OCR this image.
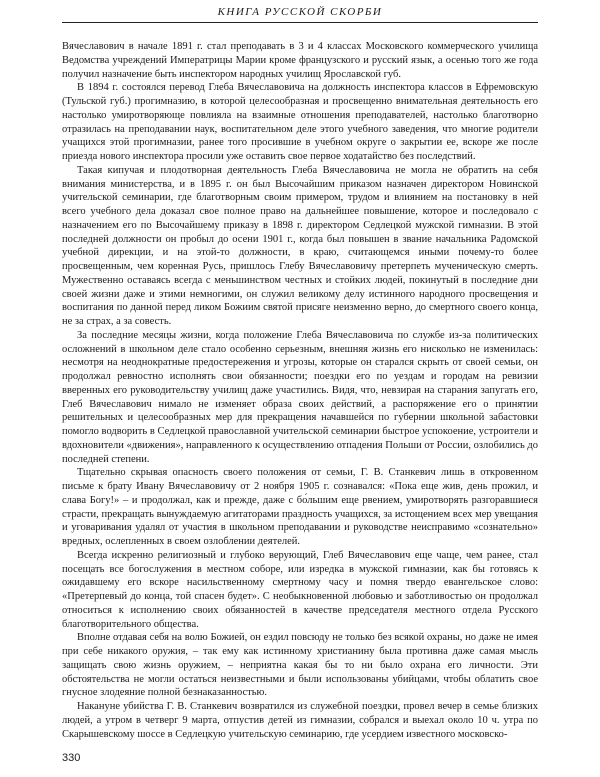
КНИГА РУССКОЙ СКОРБИ

Вячеславович в начале 1891 г. стал преподавать в 3 и 4 классах Московского коммерческого училища Ведомства учреждений Императрицы Марии кроме французского и русский язык, а осенью того же года получил назначение быть инспектором народных училищ Ярославской губ.

В 1894 г. состоялся перевод Глеба Вячеславовича на должность инспектора классов в Ефремовскую (Тульской губ.) прогимназию, в которой целесообразная и просвещенно внимательная деятельность его настолько умиротворяюще повлияла на взаимные отношения преподавателей, настолько благотворно отразилась на преподавании наук, воспитательном деле этого учебного заведения, что многие родители учащихся этой прогимназии, ранее того просившие в учебном округе о закрытии ее, вскоре же после приезда нового инспектора просили уже оставить свое первое ходатайство без последствий.

Такая кипучая и плодотворная деятельность Глеба Вячеславовича не могла не обратить на себя внимания министерства, и в 1895 г. он был Высочайшим приказом назначен директором Новинской учительской семинарии, где благотворным своим примером, трудом и влиянием на постановку в ней всего учебного дела доказал свое полное право на дальнейшее повышение, которое и последовало с назначением его по Высочайшему приказу в 1898 г. директором Седлецкой мужской гимназии. В этой последней должности он пробыл до осени 1901 г., когда был повышен в звание начальника Радомской учебной дирекции, и на этой-то должности, в краю, считающемся иными почему-то более просвещенным, чем коренная Русь, пришлось Глебу Вячеславовичу претерпеть мученическую смерть. Мужественно оставаясь всегда с меньшинством честных и стойких людей, покинутый в последние дни своей жизни даже и этими немногими, он служил великому делу истинного народного просвещения и воспитания по данной перед ликом Божиим святой присяге неизменно верно, до смертного своего конца, не за страх, а за совесть.

За последние месяцы жизни, когда положение Глеба Вячеславовича по службе из-за политических осложнений в школьном деле стало особенно серьезным, внешняя жизнь его нисколько не изменилась: несмотря на неоднократные предостережения и угрозы, которые он старался скрыть от своей семьи, он продолжал ревностно исполнять свои обязанности; поездки его по уездам и городам на ревизии вверенных его руководительству училищ даже участились. Видя, что, невзирая на старания запугать его, Глеб Вячеславович нимало не изменяет образа своих действий, а распоряжение его о принятии решительных и целесообразных мер для прекращения начавшейся по губернии школьной забастовки помогло водворить в Седлецкой православной учительской семинарии быстрое успокоение, устроители и вдохновители «движения», направленного к осуществлению отпадения Польши от России, озлобились до последней степени.

Тщательно скрывая опасность своего положения от семьи, Г. В. Станкевич лишь в откровенном письме к брату Ивану Вячеславовичу от 2 ноября 1905 г. сознавался: «Пока еще жив, день прожил, и слава Богу!» – и продолжал, как и прежде, даже с бо́льшим еще рвением, умиротворять разгоравшиеся страсти, прекращать вынуждаемую агитаторами праздность учащихся, за истощением всех мер увещания и уговаривания удалял от участия в школьном преподавании и руководстве неисправимо «сознательно» вредных, ослепленных в своем озлоблении деятелей.

Всегда искренно религиозный и глубоко верующий, Глеб Вячеславович еще чаще, чем ранее, стал посещать все богослужения в местном соборе, или изредка в мужской гимназии, как бы готовясь к ожидавшему его вскоре насильственному смертному часу и помня твердо евангельское слово: «Претерпевый до конца, той спасен будет». С необыкновенной любовью и заботливостью он продолжал относиться к исполнению своих обязанностей в качестве председателя местного отдела Русского благотворительного общества.

Вполне отдавая себя на волю Божией, он ездил повсюду не только без всякой охраны, но даже не имея при себе никакого оружия, – так ему как истинному христианину была противна даже самая мысль защищать свою жизнь оружием, – неприятна какая бы то ни было охрана его личности. Эти обстоятельства не могли остаться неизвестными и были использованы убийцами, чтобы облатить свое гнусное злодеяние полной безнаказанностью.

Накануне убийства Г. В. Станкевич возвратился из служебной поездки, провел вечер в семье близких людей, а утром в четверг 9 марта, отпустив детей из гимназии, собрался и выехал около 10 ч. утра по Скарышевскому шоссе в Седлецкую учительскую семинарию, где усердием известного московско-

330
